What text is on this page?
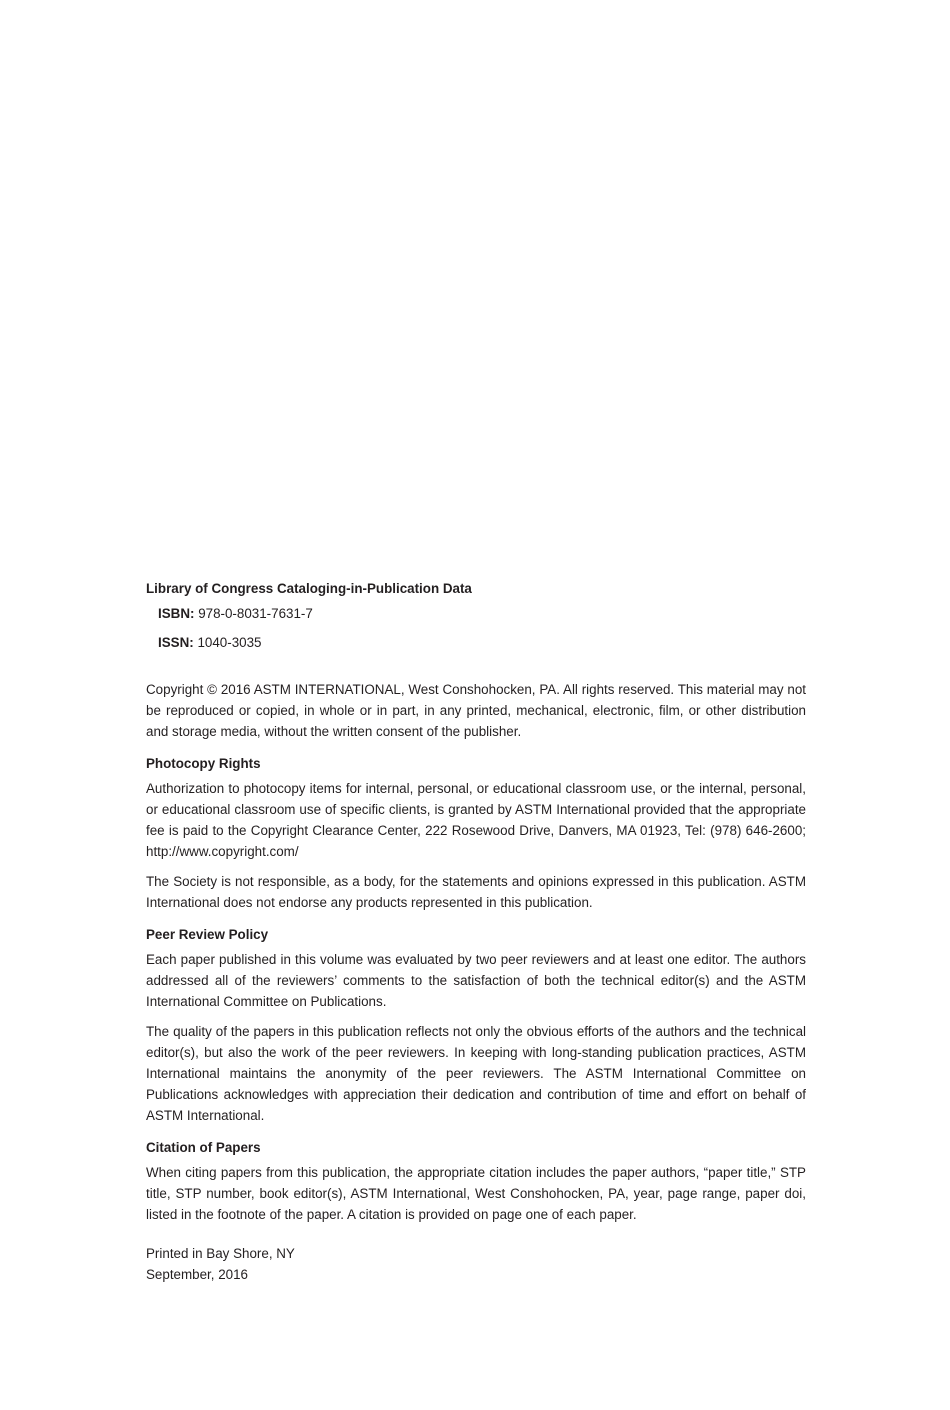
Library of Congress Cataloging-in-Publication Data

ISBN: 978-0-8031-7631-7

ISSN: 1040-3035

Copyright © 2016 ASTM INTERNATIONAL, West Conshohocken, PA. All rights reserved. This material may not be reproduced or copied, in whole or in part, in any printed, mechanical, electronic, film, or other distribution and storage media, without the written consent of the publisher.

Photocopy Rights

Authorization to photocopy items for internal, personal, or educational classroom use, or the internal, personal, or educational classroom use of specific clients, is granted by ASTM International provided that the appropriate fee is paid to the Copyright Clearance Center, 222 Rosewood Drive, Danvers, MA 01923, Tel: (978) 646-2600; http://www.copyright.com/

The Society is not responsible, as a body, for the statements and opinions expressed in this publication. ASTM International does not endorse any products represented in this publication.

Peer Review Policy

Each paper published in this volume was evaluated by two peer reviewers and at least one editor. The authors addressed all of the reviewers’ comments to the satisfaction of both the technical editor(s) and the ASTM International Committee on Publications.

The quality of the papers in this publication reflects not only the obvious efforts of the authors and the technical editor(s), but also the work of the peer reviewers. In keeping with long-standing publication practices, ASTM International maintains the anonymity of the peer reviewers. The ASTM International Committee on Publications acknowledges with appreciation their dedication and contribution of time and effort on behalf of ASTM International.

Citation of Papers

When citing papers from this publication, the appropriate citation includes the paper authors, “paper title,” STP title, STP number, book editor(s), ASTM International, West Conshohocken, PA, year, page range, paper doi, listed in the footnote of the paper. A citation is provided on page one of each paper.

Printed in Bay Shore, NY

September, 2016
